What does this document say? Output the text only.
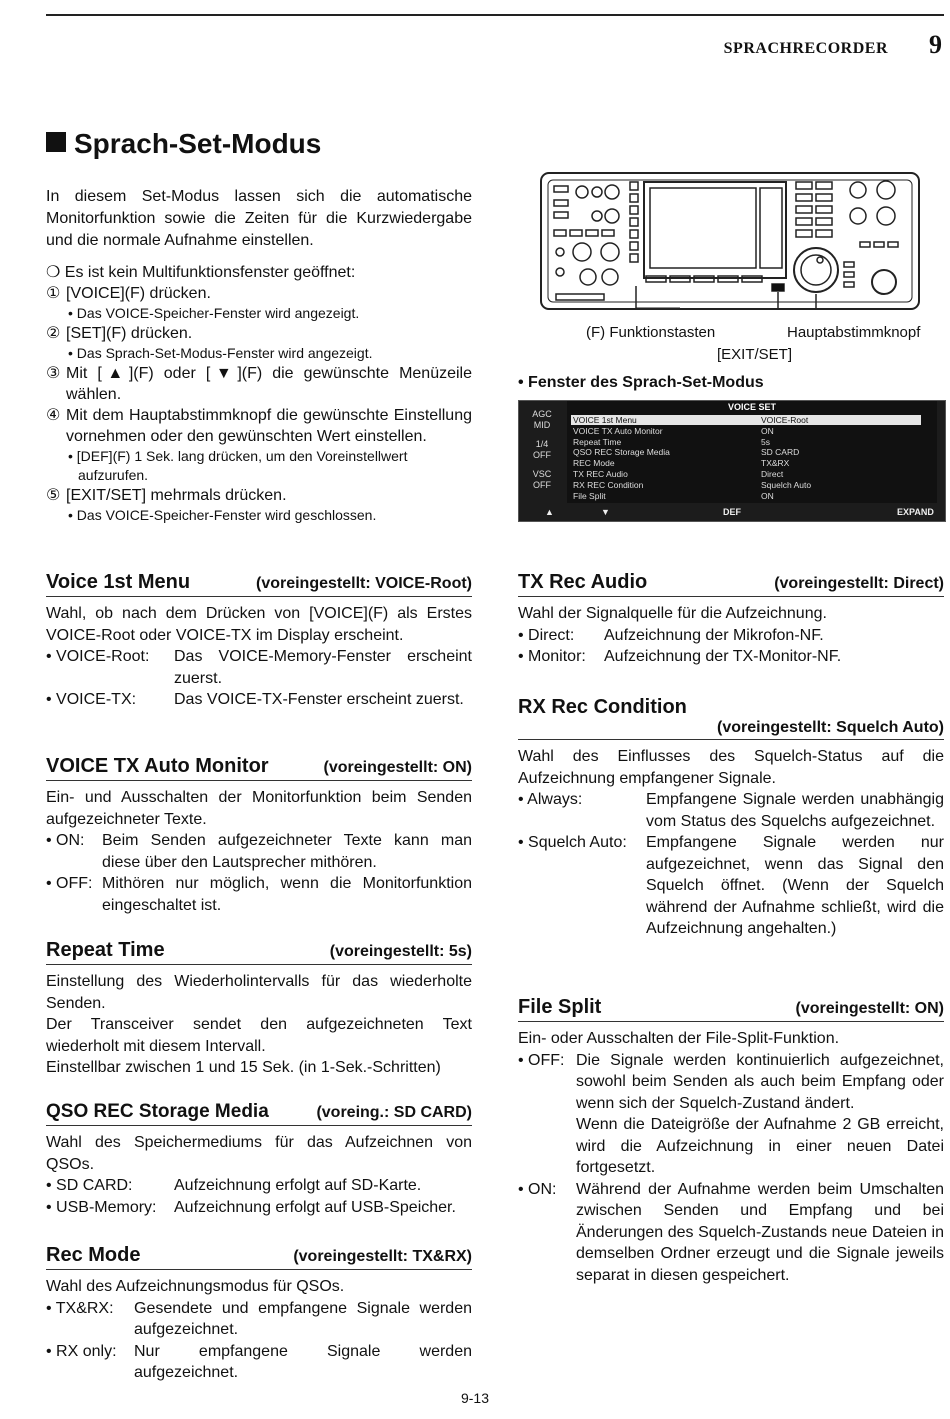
SPRACHRECORDER 9
Sprach-Set-Modus

In diesem Set-Modus lassen sich die automatische Monitorfunktion sowie die Zeiten für die Kurzwiedergabe und die normale Aufnahme einstellen.

❍ Es ist kein Multifunktionsfenster geöffnet:
① [VOICE](F) drücken.
• Das VOICE-Speicher-Fenster wird angezeigt.
② [SET](F) drücken.
• Das Sprach-Set-Modus-Fenster wird angezeigt.
③ Mit [▲](F) oder [▼](F) die gewünschte Menüzeile wählen.
④ Mit dem Hauptabstimmknopf die gewünschte Einstellung vornehmen oder den gewünschten Wert einstellen.
• [DEF](F) 1 Sek. lang drücken, um den Voreinstellwert aufzurufen.
⑤ [EXIT/SET] mehrmals drücken.
• Das VOICE-Speicher-Fenster wird geschlossen.
(F) Funktionstasten	Hauptabstimmknopf
[EXIT/SET]
• Fenster des Sprach-Set-Modus
AGC
MID
1/4
OFF
VSC
OFF
VOICE SET
VOICE 1st Menu	VOICE-Root
VOICE TX Auto Monitor	ON
Repeat Time	5s
QSO REC Storage Media	SD CARD
REC Mode	TX&RX
TX REC Audio	Direct
RX REC Condition	Squelch Auto
File Split	ON
▲	▼	DEF	EXPAND
Voice 1st Menu	(voreingestellt: VOICE-Root)
Wahl, ob nach dem Drücken von [VOICE](F) als Erstes VOICE-Root oder VOICE-TX im Display erscheint.
• VOICE-Root:	Das VOICE-Memory-Fenster erscheint zuerst.
• VOICE-TX:	Das VOICE-TX-Fenster erscheint zuerst.
VOICE TX Auto Monitor	(voreingestellt: ON)
Ein- und Ausschalten der Monitorfunktion beim Senden aufgezeichneter Texte.
• ON:	Beim Senden aufgezeichneter Texte kann man diese über den Lautsprecher mithören.
• OFF: Mithören nur möglich, wenn die Monitorfunktion eingeschaltet ist.
Repeat Time	(voreingestellt: 5s)
Einstellung des Wiederholintervalls für das wiederholte Senden.
Der Transceiver sendet den aufgezeichneten Text wiederholt mit diesem Intervall.
Einstellbar zwischen 1 und 15 Sek. (in 1-Sek.-Schritten)
QSO REC Storage Media	(voreing.: SD CARD)
Wahl des Speichermediums für das Aufzeichnen von QSOs.
• SD CARD:	Aufzeichnung erfolgt auf SD-Karte.
• USB-Memory:	Aufzeichnung erfolgt auf USB-Speicher.
Rec Mode	(voreingestellt: TX&RX)
Wahl des Aufzeichnungsmodus für QSOs.
• TX&RX:	Gesendete und empfangene Signale werden aufgezeichnet.
• RX only:	Nur empfangene Signale werden aufgezeichnet.
TX Rec Audio	(voreingestellt: Direct)
Wahl der Signalquelle für die Aufzeichnung.
• Direct:	Aufzeichnung der Mikrofon-NF.
• Monitor:	Aufzeichnung der TX-Monitor-NF.
RX Rec Condition
(voreingestellt: Squelch Auto)
Wahl des Einflusses des Squelch-Status auf die Aufzeichnung empfangener Signale.
• Always:	Empfangene Signale werden unabhängig vom Status des Squelchs aufgezeichnet.
• Squelch Auto:	Empfangene Signale werden nur aufgezeichnet, wenn das Signal den Squelch öffnet. (Wenn der Squelch während der Aufnahme schließt, wird die Aufzeichnung angehalten.)
File Split	(voreingestellt: ON)
Ein- oder Ausschalten der File-Split-Funktion.
• OFF: Die Signale werden kontinuierlich aufgezeichnet, sowohl beim Senden als auch beim Empfang oder wenn sich der Squelch-Zustand ändert.
Wenn die Dateigröße der Aufnahme 2 GB erreicht, wird die Aufzeichnung in einer neuen Datei fortgesetzt.
• ON:	Während der Aufnahme werden beim Umschalten zwischen Senden und Empfang und bei Änderungen des Squelch-Zustands neue Dateien in demselben Ordner erzeugt und die Signale jeweils separat in diesen gespeichert.
9-13
